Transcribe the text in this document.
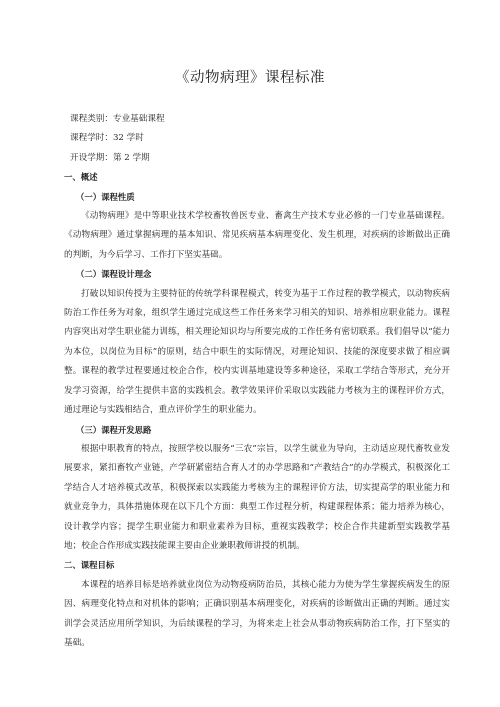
《动物病理》课程标准

课程类别：专业基础课程

课程学时：32 学时

开设学期：第 2 学期

一、概述

（一）课程性质

《动物病理》是中等职业技术学校畜牧兽医专业、畜禽生产技术专业必修的一门专业基础课程。《动物病理》通过掌握病理的基本知识、常见疾病基本病理变化、发生机理，对疾病的诊断做出正确的判断，为今后学习、工作打下坚实基础。

（二）课程设计理念

打破以知识传授为主要特征的传统学科课程模式，转变为基于工作过程的教学模式，以动物疾病防治工作任务为对象，组织学生通过完成这些工作任务来学习相关的知识、培养相应职业能力。课程内容突出对学生职业能力训练，相关理论知识均与所要完成的工作任务有密切联系。我们倡导以“能力为本位，以岗位为目标”的原则，结合中职生的实际情况，对理论知识、技能的深度要求做了相应调整。课程的教学过程要通过校企合作，校内实训基地建设等多种途径，采取工学结合等形式，充分开发学习资源，给学生提供丰富的实践机会。教学效果评价采取以实践能力考核为主的课程评价方式，通过理论与实践相结合，重点评价学生的职业能力。

（三）课程开发思路

根据中职教育的特点，按照学校以服务“三农”宗旨，以学生就业为导向，主动适应现代畜牧业发展要求，紧扣畜牧产业链，产学研紧密结合育人才的办学思路和“产教结合”的办学模式，积极深化工学结合人才培养模式改革，积极探索以实践能力考核为主的课程评价方法，切实提高学的职业能力和就业竞争力，具体措施体现在以下几个方面：典型工作过程分析，构建课程体系；能力培养为核心，设计教学内容；提学生职业能力和职业素养为目标，重视实践教学；校企合作共建新型实践教学基地；校企合作形成实践技能课主要由企业兼职教师讲授的机制。

二、课程目标

本课程的培养目标是培养就业岗位为动物疫病防治员，其核心能力为使为学生掌握疾病发生的原因、病理变化特点和对机体的影响；正确识别基本病理变化，对疾病的诊断做出正确的判断。通过实训学会灵活应用所学知识，为后续课程的学习，为将来走上社会从事动物疾病防治工作，打下坚实的基础。
